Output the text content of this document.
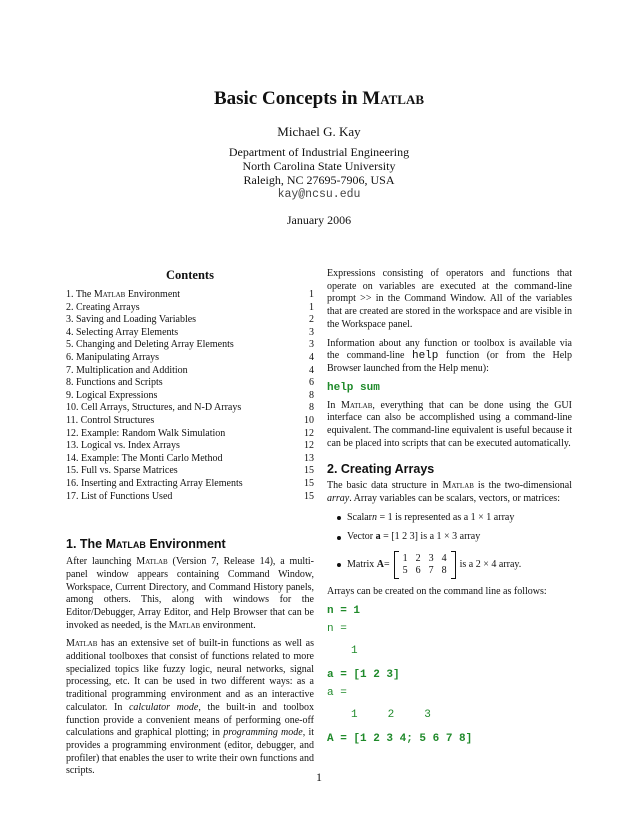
Basic Concepts in Matlab
Michael G. Kay
Department of Industrial Engineering
North Carolina State University
Raleigh, NC 27695-7906, USA
kay@ncsu.edu
January 2006
Contents
1. The Matlab Environment	1
2. Creating Arrays	1
3. Saving and Loading Variables	2
4. Selecting Array Elements	3
5. Changing and Deleting Array Elements	3
6. Manipulating Arrays	4
7. Multiplication and Addition	4
8. Functions and Scripts	6
9. Logical Expressions	8
10. Cell Arrays, Structures, and N-D Arrays	8
11. Control Structures	10
12. Example: Random Walk Simulation	12
13. Logical vs. Index Arrays	12
14. Example: The Monti Carlo Method	13
15. Full vs. Sparse Matrices	15
16. Inserting and Extracting Array Elements	15
17. List of Functions Used	15
1. The Matlab Environment

After launching Matlab (Version 7, Release 14), a multi-panel window appears containing Command Window, Workspace, Current Directory, and Command History panels, among others. This, along with windows for the Editor/Debugger, Array Editor, and Help Browser that can be invoked as needed, is the Matlab environment.

Matlab has an extensive set of built-in functions as well as additional toolboxes that consist of functions related to more specialized topics like fuzzy logic, neural networks, signal processing, etc. It can be used in two different ways: as a traditional programming environment and as an interactive calculator. In calculator mode, the built-in and toolbox function provide a convenient means of performing one-off calculations and graphical plotting; in programming mode, it provides a programming environment (editor, debugger, and profiler) that enables the user to write their own functions and scripts.

Expressions consisting of operators and functions that operate on variables are executed at the command-line prompt >> in the Command Window. All of the variables that are created are stored in the workspace and are visible in the Workspace panel.

Information about any function or toolbox is available via the command-line help function (or from the Help Browser launched from the Help menu):

help sum

In Matlab, everything that can be done using the GUI interface can also be accomplished using a command-line equivalent. The command-line equivalent is useful because it can be placed into scripts that can be executed automatically.

2. Creating Arrays

The basic data structure in Matlab is the two-dimensional array. Array variables can be scalars, vectors, or matrices:

Scalar n = 1 is represented as a 1 × 1 array
Vector a = [1 2 3] is a 1 × 3 array
Matrix A =
1 2 3 4
5 6 7 8
is a 2 × 4 array.

Arrays can be created on the command line as follows:

n = 1
n =
1
a = [1 2 3]
a =
1	2	3
A = [1 2 3 4; 5 6 7 8]
1
